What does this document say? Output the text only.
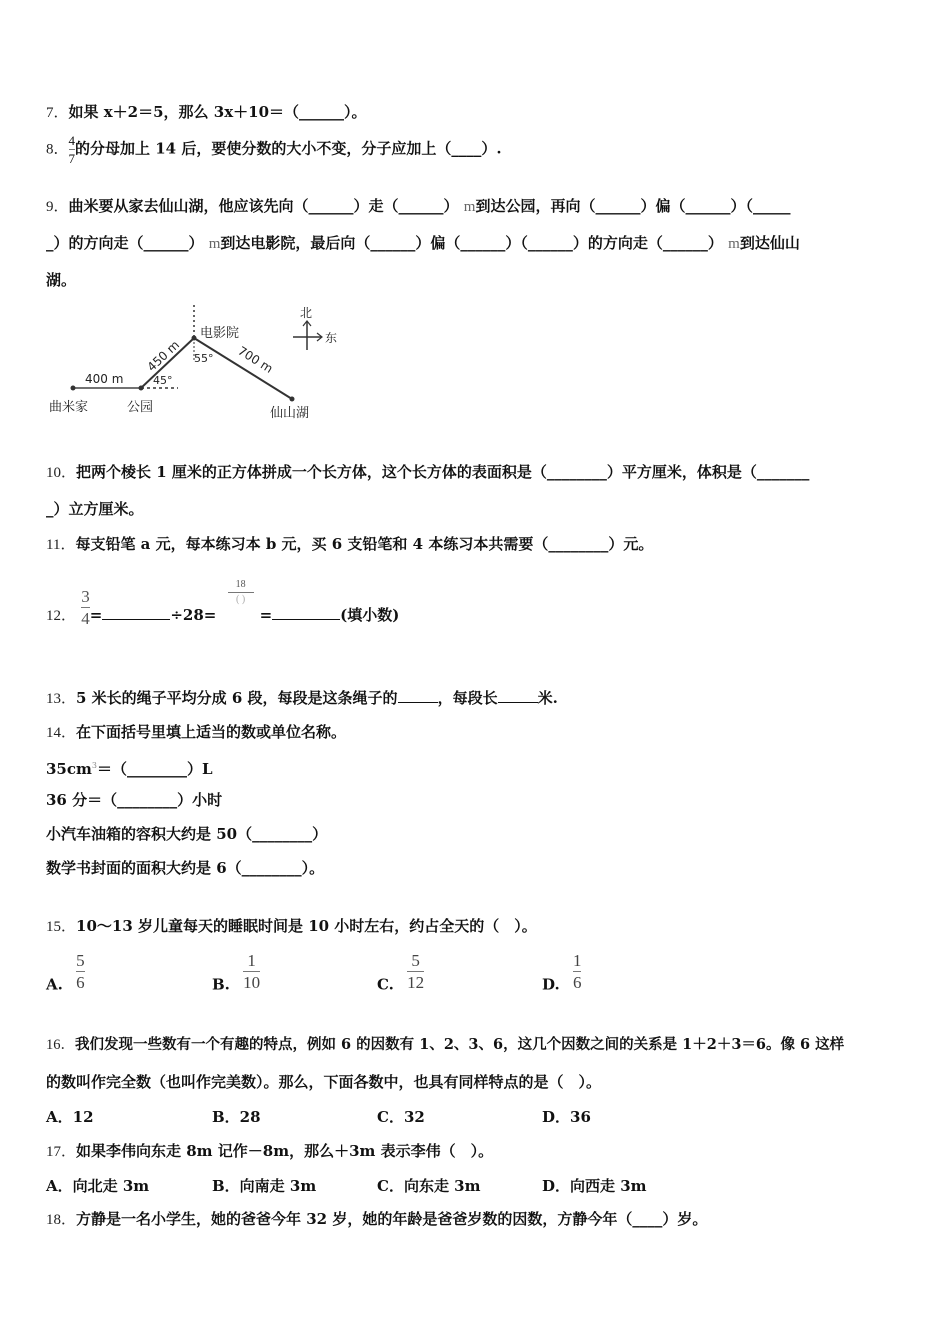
7．如果 x＋2＝5，那么 3x＋10＝（______）。
8． $\frac{4}{7}$ 的分母加上 14 后，要使分数的大小不变，分子应加上（____）.
9．曲米要从家去仙山湖，他应该先向（______）走（______） m到达公园，再向（______）偏（______）（_____
_）的方向走（______） m到达电影院，最后向（______）偏（______）（______）的方向走（______） m到达仙山
湖。
400 m
450 m	700 m
45°
55°
电影院
曲米家	公园	仙山湖
北
东
10．把两个棱长 1 厘米的正方体拼成一个长方体，这个长方体的表面积是（________）平方厘米，体积是（_______
_）立方厘米。
11．每支铅笔 a 元，每本练习本 b 元，买 6 支铅笔和 4 本练习本共需要（________）元。
12． $\frac{3}{4}$ =	÷28=
$\frac{18}{( )}$
=	(填小数)
13．5 米长的绳子平均分成 6 段，每段是这条绳子的	，每段长	米.
14．在下面括号里填上适当的数或单位名称。
$35cm^3=(\_\_\_\_\_\_\_\_)L$
36 分＝（________）小时
小汽车油箱的容积大约是 50（________）
数学书封面的面积大约是 6（________）。
15．10～13 岁儿童每天的睡眠时间是 10 小时左右，约占全天的（　）。
A. $\frac{5}{6}$	B. $\frac{1}{10}$	C. $\frac{5}{12}$	D. $\frac{1}{6}$
16．我们发现一些数有一个有趣的特点，例如 6 的因数有 1、2、3、6，这几个因数之间的关系是 1＋2＋3＝6。像 6 这样
的数叫作完全数（也叫作完美数）。那么，下面各数中，也具有同样特点的是（　）。
A．12	B．28	C．32	D．36
17．如果李伟向东走 8m 记作－8m，那么＋3m 表示李伟（　）。
A．向北走 3m	B．向南走 3m	C．向东走 3m	D．向西走 3m
18．方静是一名小学生，她的爸爸今年 32 岁，她的年龄是爸爸岁数的因数，方静今年（____）岁。
